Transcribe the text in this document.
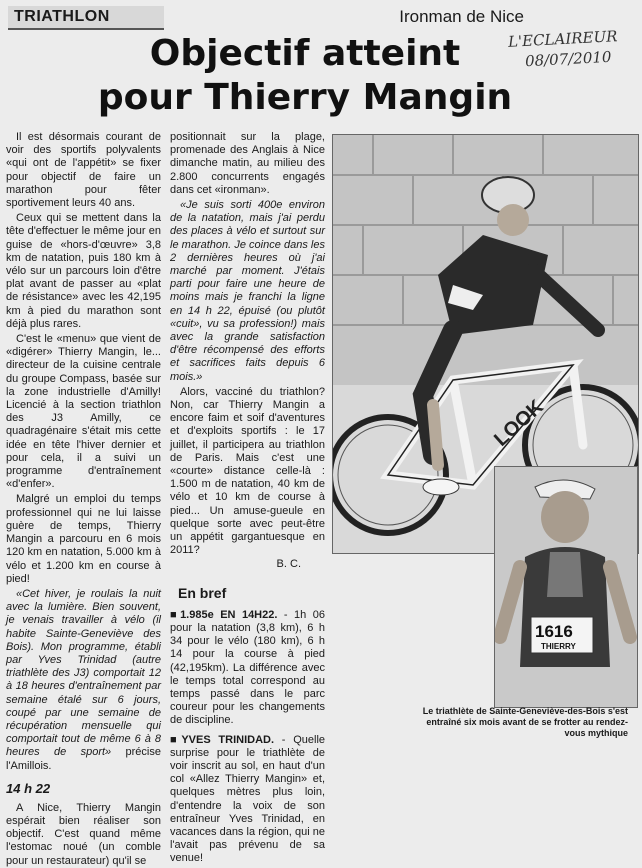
TRIATHLON	Ironman de Nice
L'ECLAIREUR
08/07/2010
Objectif atteint
pour Thierry Mangin

Il est désormais courant de voir des sportifs polyvalents «qui ont de l'appétit» se fixer pour objectif de faire un marathon pour fêter sportivement leurs 40 ans.

Ceux qui se mettent dans la tête d'effectuer le même jour en guise de «hors-d'œuvre» 3,8 km de natation, puis 180 km à vélo sur un parcours loin d'être plat avant de passer au «plat de résistance» avec les 42,195 km à pied du marathon sont déjà plus rares.

C'est le «menu» que vient de «digérer» Thierry Mangin, le... directeur de la cuisine centrale du groupe Compass, basée sur la zone industrielle d'Amilly! Licencié à la section triathlon des J3 Amilly, ce quadragénaire s'était mis cette idée en tête l'hiver dernier et pour cela, il a suivi un programme d'entraînement «d'enfer».

Malgré un emploi du temps professionnel qui ne lui laisse guère de temps, Thierry Mangin a parcouru en 6 mois 120 km en natation, 5.000 km à vélo et 1.200 km en course à pied!

«Cet hiver, je roulais la nuit avec la lumière. Bien souvent, je venais travailler à vélo (il habite Sainte-Geneviève des Bois). Mon programme, établi par Yves Trinidad (autre triathlète des J3) comportait 12 à 18 heures d'entraînement par semaine étalé sur 6 jours, coupé par une semaine de récupération mensuelle qui comportait tout de même 6 à 8 heures de sport» précise l'Amillois.

14 h 22

A Nice, Thierry Mangin espérait bien réaliser son objectif. C'est quand même l'estomac noué (un comble pour un restaurateur) qu'il se

positionnait sur la plage, promenade des Anglais à Nice dimanche matin, au milieu des 2.800 concurrents engagés dans cet «ironman».

«Je suis sorti 400e environ de la natation, mais j'ai perdu des places à vélo et surtout sur le marathon. Je coince dans les 2 dernières heures où j'ai marché par moment. J'étais parti pour faire une heure de moins mais je franchi la ligne en 14 h 22, épuisé (ou plutôt «cuit», vu sa profession!) mais avec la grande satisfaction d'être récompensé des efforts et sacrifices faits depuis 6 mois.»

Alors, vacciné du triathlon? Non, car Thierry Mangin a encore faim et soif d'aventures et d'exploits sportifs : le 17 juillet, il participera au triathlon de Paris. Mais c'est une «courte» distance celle-là : 1.500 m de natation, 40 km de vélo et 10 km de course à pied... Un amuse-gueule en quelque sorte avec peut-être un appétit gargantuesque en 2011?

B. C.
En bref

■1.985e EN 14H22. - 1h 06 pour la natation (3,8 km), 6 h 34 pour le vélo (180 km), 6 h 14 pour la course à pied (42,195km). La différence avec le temps total correspond au temps passé dans le parc coureur pour les changements de discipline.

■YVES TRINIDAD. - Quelle surprise pour le triathlète de voir inscrit au sol, en haut d'un col «Allez Thierry Mangin» et, quelques mètres plus loin, d'entendre la voix de son entraîneur Yves Trinidad, en vacances dans la région, qui ne l'avait pas prévenu de sa venue!

LOOK
1616
THIERRY
Le triathlète de Sainte-Geneviève-des-Bois s'est entraîné six mois avant de se frotter au rendez-vous mythique
